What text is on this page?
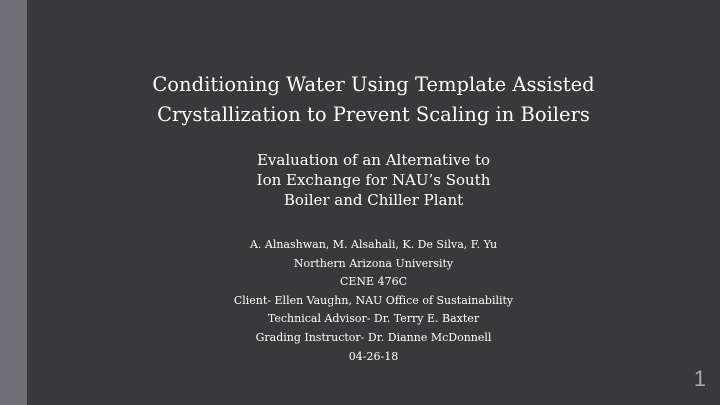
Conditioning Water Using Template Assisted
Crystallization to Prevent Scaling in Boilers
Evaluation of an Alternative to
Ion Exchange for NAU’s South
Boiler and Chiller Plant
A. Alnashwan, M. Alsahali, K. De Silva, F. Yu
Northern Arizona University
CENE 476C
Client- Ellen Vaughn, NAU Office of Sustainability
Technical Advisor- Dr. Terry E. Baxter
Grading Instructor- Dr. Dianne McDonnell
04-26-18
1
